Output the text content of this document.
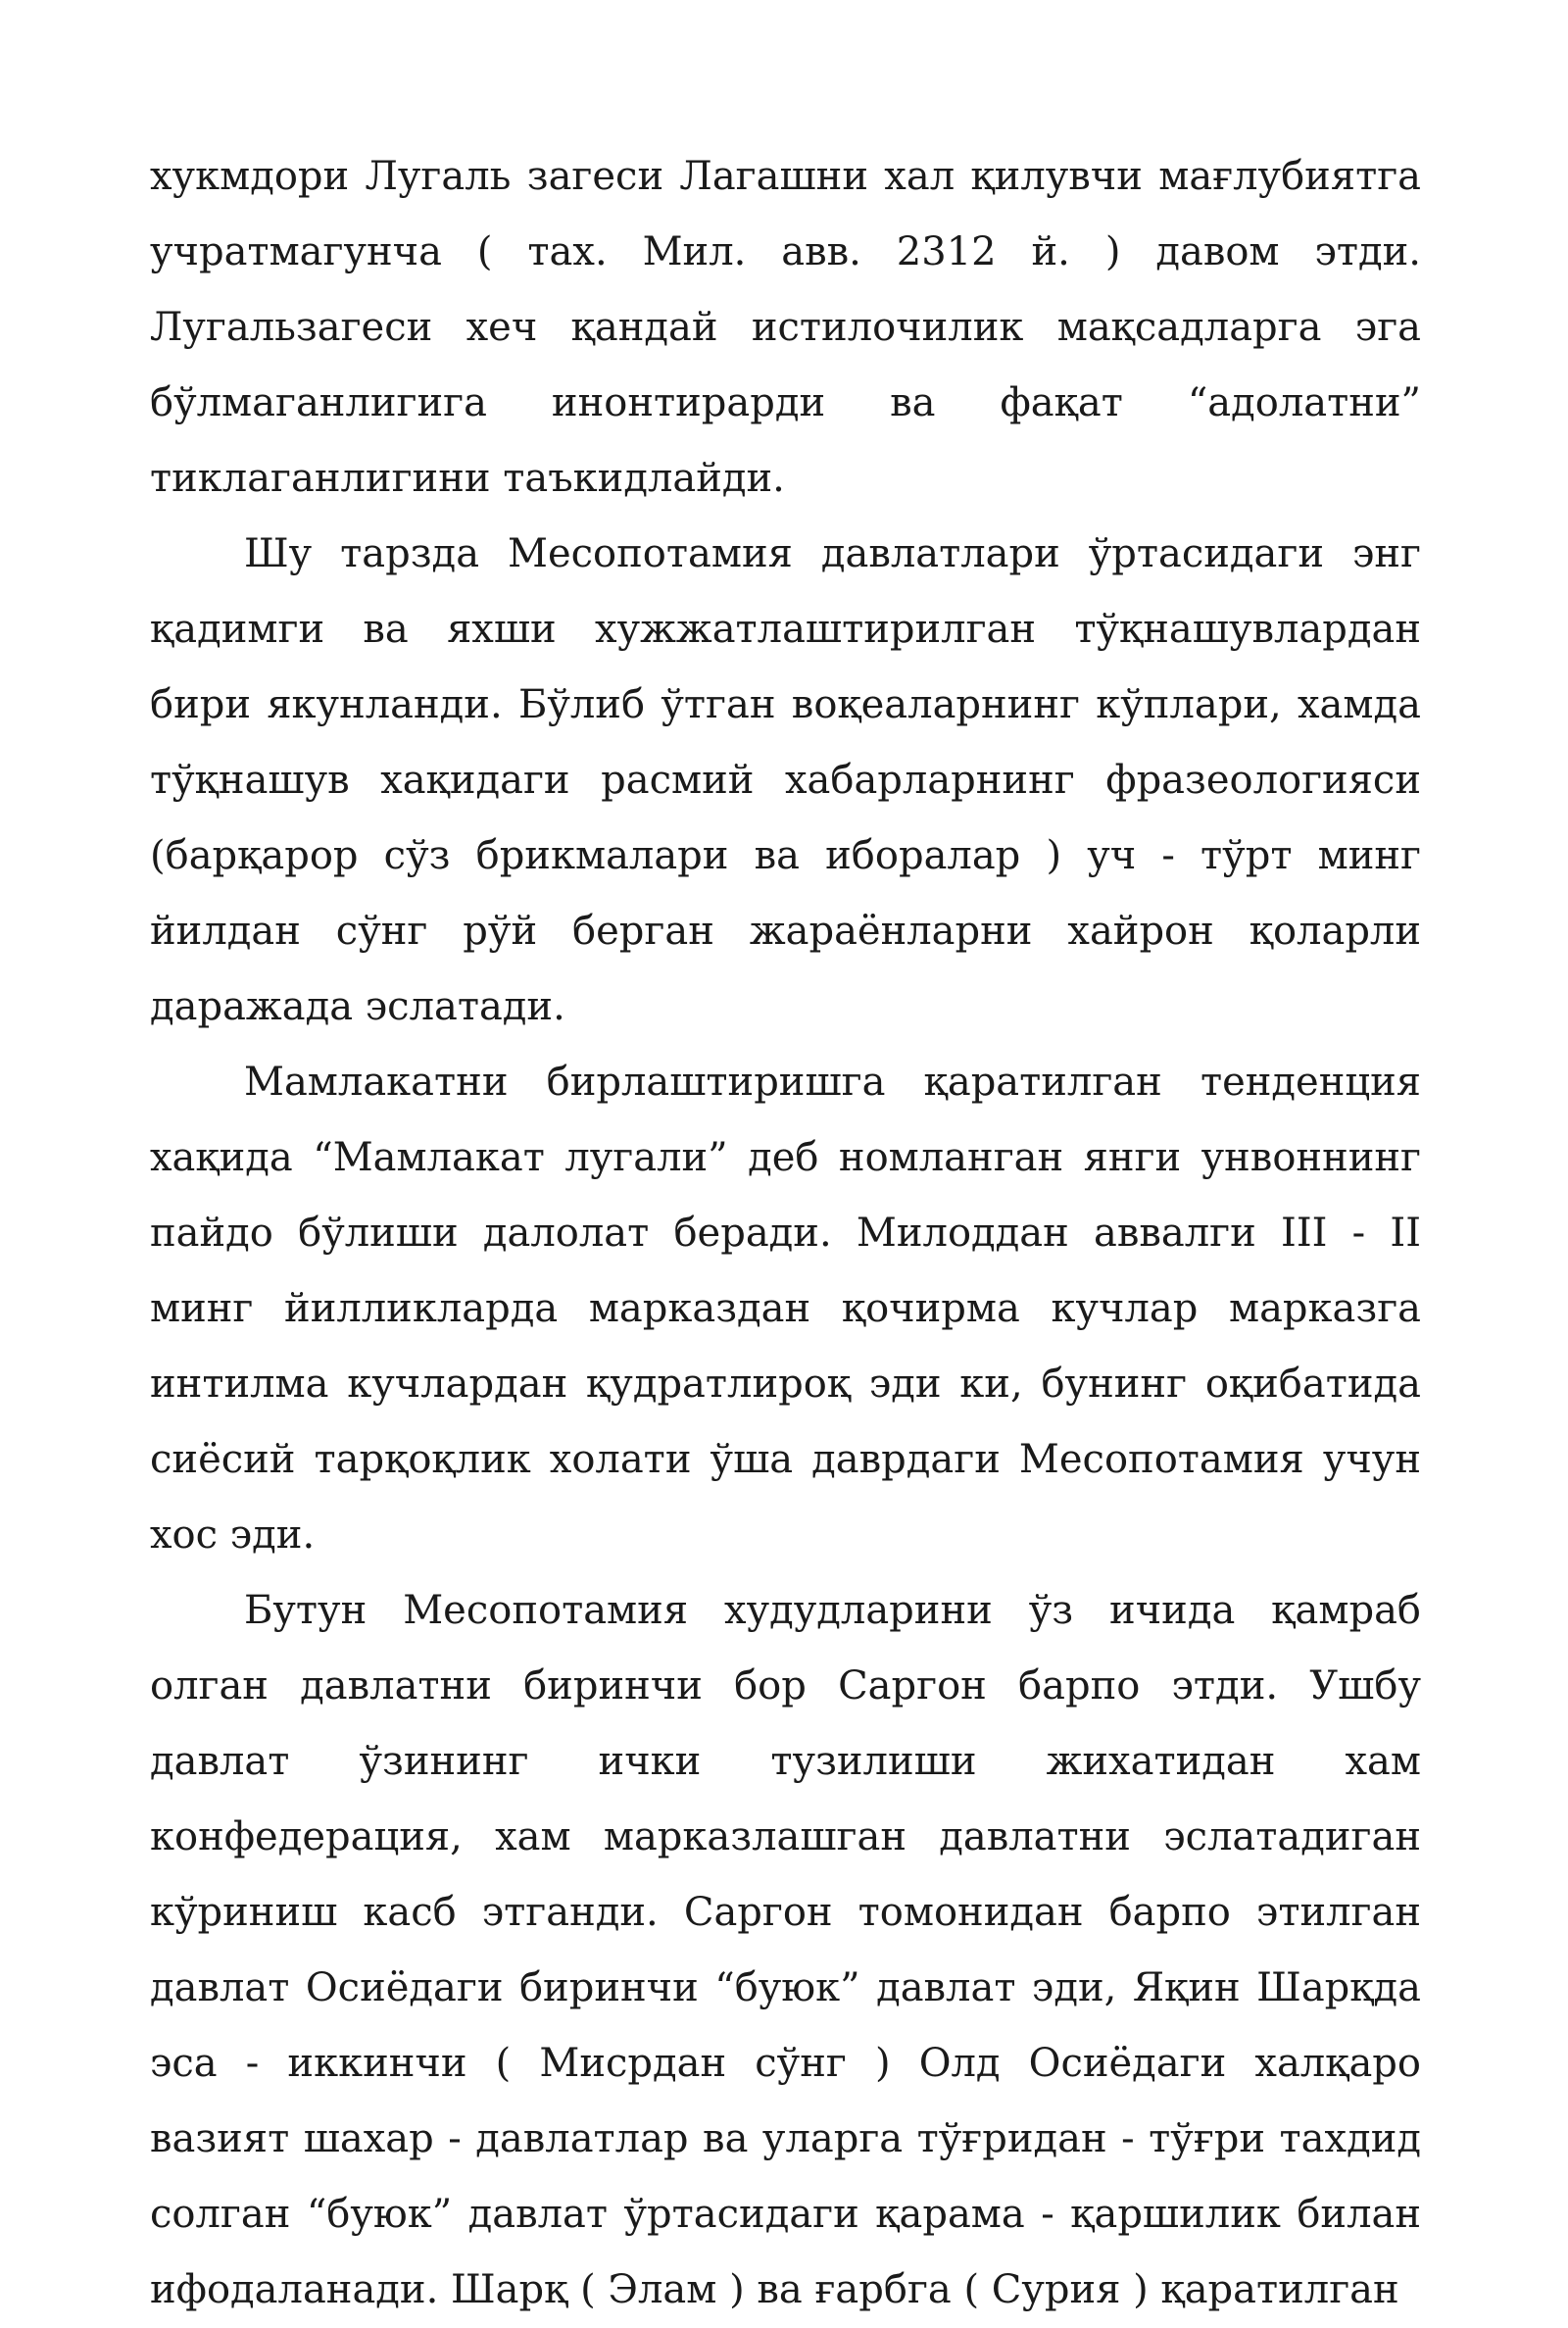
хукмдори Лугаль загеси Лагашни хал қилувчи мағлубиятга учратмагунча ( тах. Мил. авв. 2312 й. ) давом этди. Лугальзагеси хеч қандай истилочилик мақсадларга эга бўлмаганлигига инонтирарди ва фақат “адолатни” тиклаганлигини таъкидлайди.

Шу тарзда Месопотамия давлатлари ўртасидаги энг қадимги ва яхши хужжатлаштирилган тўқнашувлардан бири якунланди. Бўлиб ўтган воқеаларнинг кўплари, хамда тўқнашув хақидаги расмий хабарларнинг фразеологияси (барқарор сўз брикмалари ва иборалар ) уч - тўрт минг йилдан сўнг рўй берган жараёнларни хайрон қоларли даражада эслатади.

Мамлакатни бирлаштиришга қаратилган тенденция хақида “Мамлакат лугали” деб номланган янги унвоннинг пайдо бўлиши далолат беради. Милоддан аввалги III - II минг йилликларда марказдан қочирма кучлар марказга интилма кучлардан қудратлироқ эди ки, бунинг оқибатида сиёсий тарқоқлик холати ўша даврдаги Месопотамия учун хос эди.

Бутун Месопотамия худудларини ўз ичида қамраб олган давлатни биринчи бор Саргон барпо этди. Ушбу давлат ўзининг ички тузилиши жихатидан хам конфедерация, хам марказлашган давлатни эслатадиган кўриниш касб этганди. Саргон томонидан барпо этилган давлат Осиёдаги биринчи “буюк” давлат эди, Яқин Шарқда эса - иккинчи ( Мисрдан сўнг ) Олд Осиёдаги халқаро вазият шахар - давлатлар ва уларга тўғридан - тўғри тахдид солган “буюк” давлат ўртасидаги қарама - қаршилик билан ифодаланади. Шарқ ( Элам ) ва ғарбга ( Сурия ) қаратилган
